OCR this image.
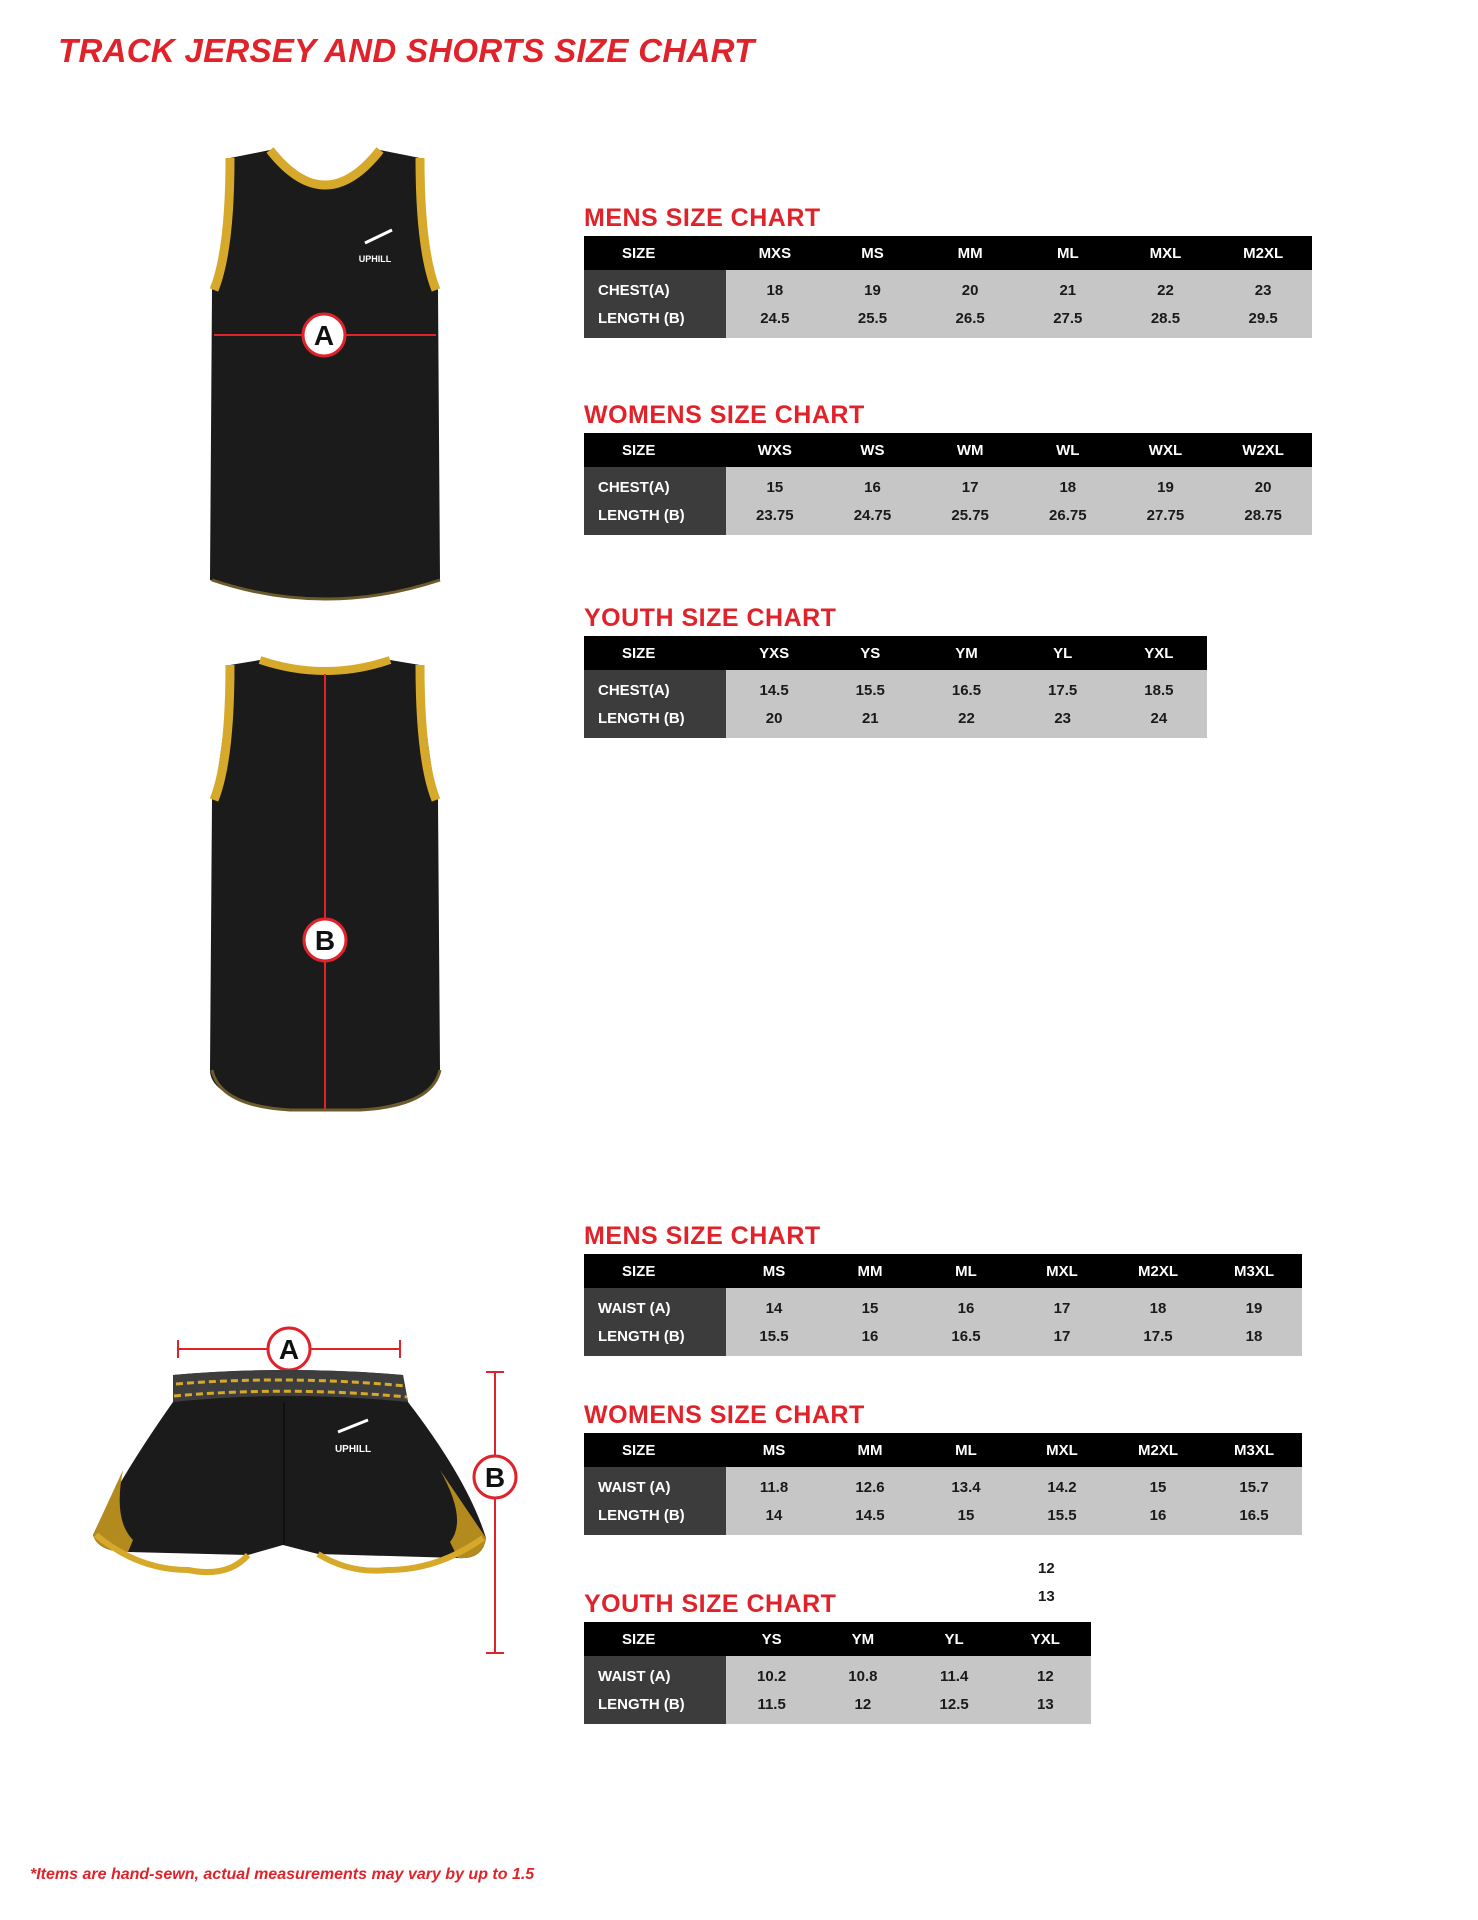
TRACK JERSEY AND SHORTS SIZE CHART
A
UPHILL
B
A
UPHILL
B
MENS SIZE CHART
SIZE	MXS	MS	MM	ML	MXL	M2XL
CHEST(A)	18	19	20	21	22	23
LENGTH (B)	24.5	25.5	26.5	27.5	28.5	29.5
WOMENS SIZE CHART
SIZE	WXS	WS	WM	WL	WXL	W2XL
CHEST(A)	15	16	17	18	19	20
LENGTH (B)	23.75	24.75	25.75	26.75	27.75	28.75
YOUTH SIZE CHART
SIZE	YXS	YS	YM	YL	YXL
CHEST(A)	14.5	15.5	16.5	17.5	18.5
LENGTH (B)	20	21	22	23	24
MENS SIZE CHART
SIZE	MS	MM	ML	MXL	M2XL	M3XL
WAIST (A)	14	15	16	17	18	19
LENGTH (B)	15.5	16	16.5	17	17.5	18
WOMENS SIZE CHART
SIZE	MS	MM	ML	MXL	M2XL	M3XL
WAIST (A)	11.8	12.6	13.4	14.2	15	15.7
LENGTH (B)	14	14.5	15	15.5	16	16.5
12
13
YOUTH SIZE CHART
SIZE	YS	YM	YL	YXL
WAIST (A)	10.2	10.8	11.4	12
LENGTH (B)	11.5	12	12.5	13
*Items are hand-sewn, actual measurements may vary by up to 1.5
